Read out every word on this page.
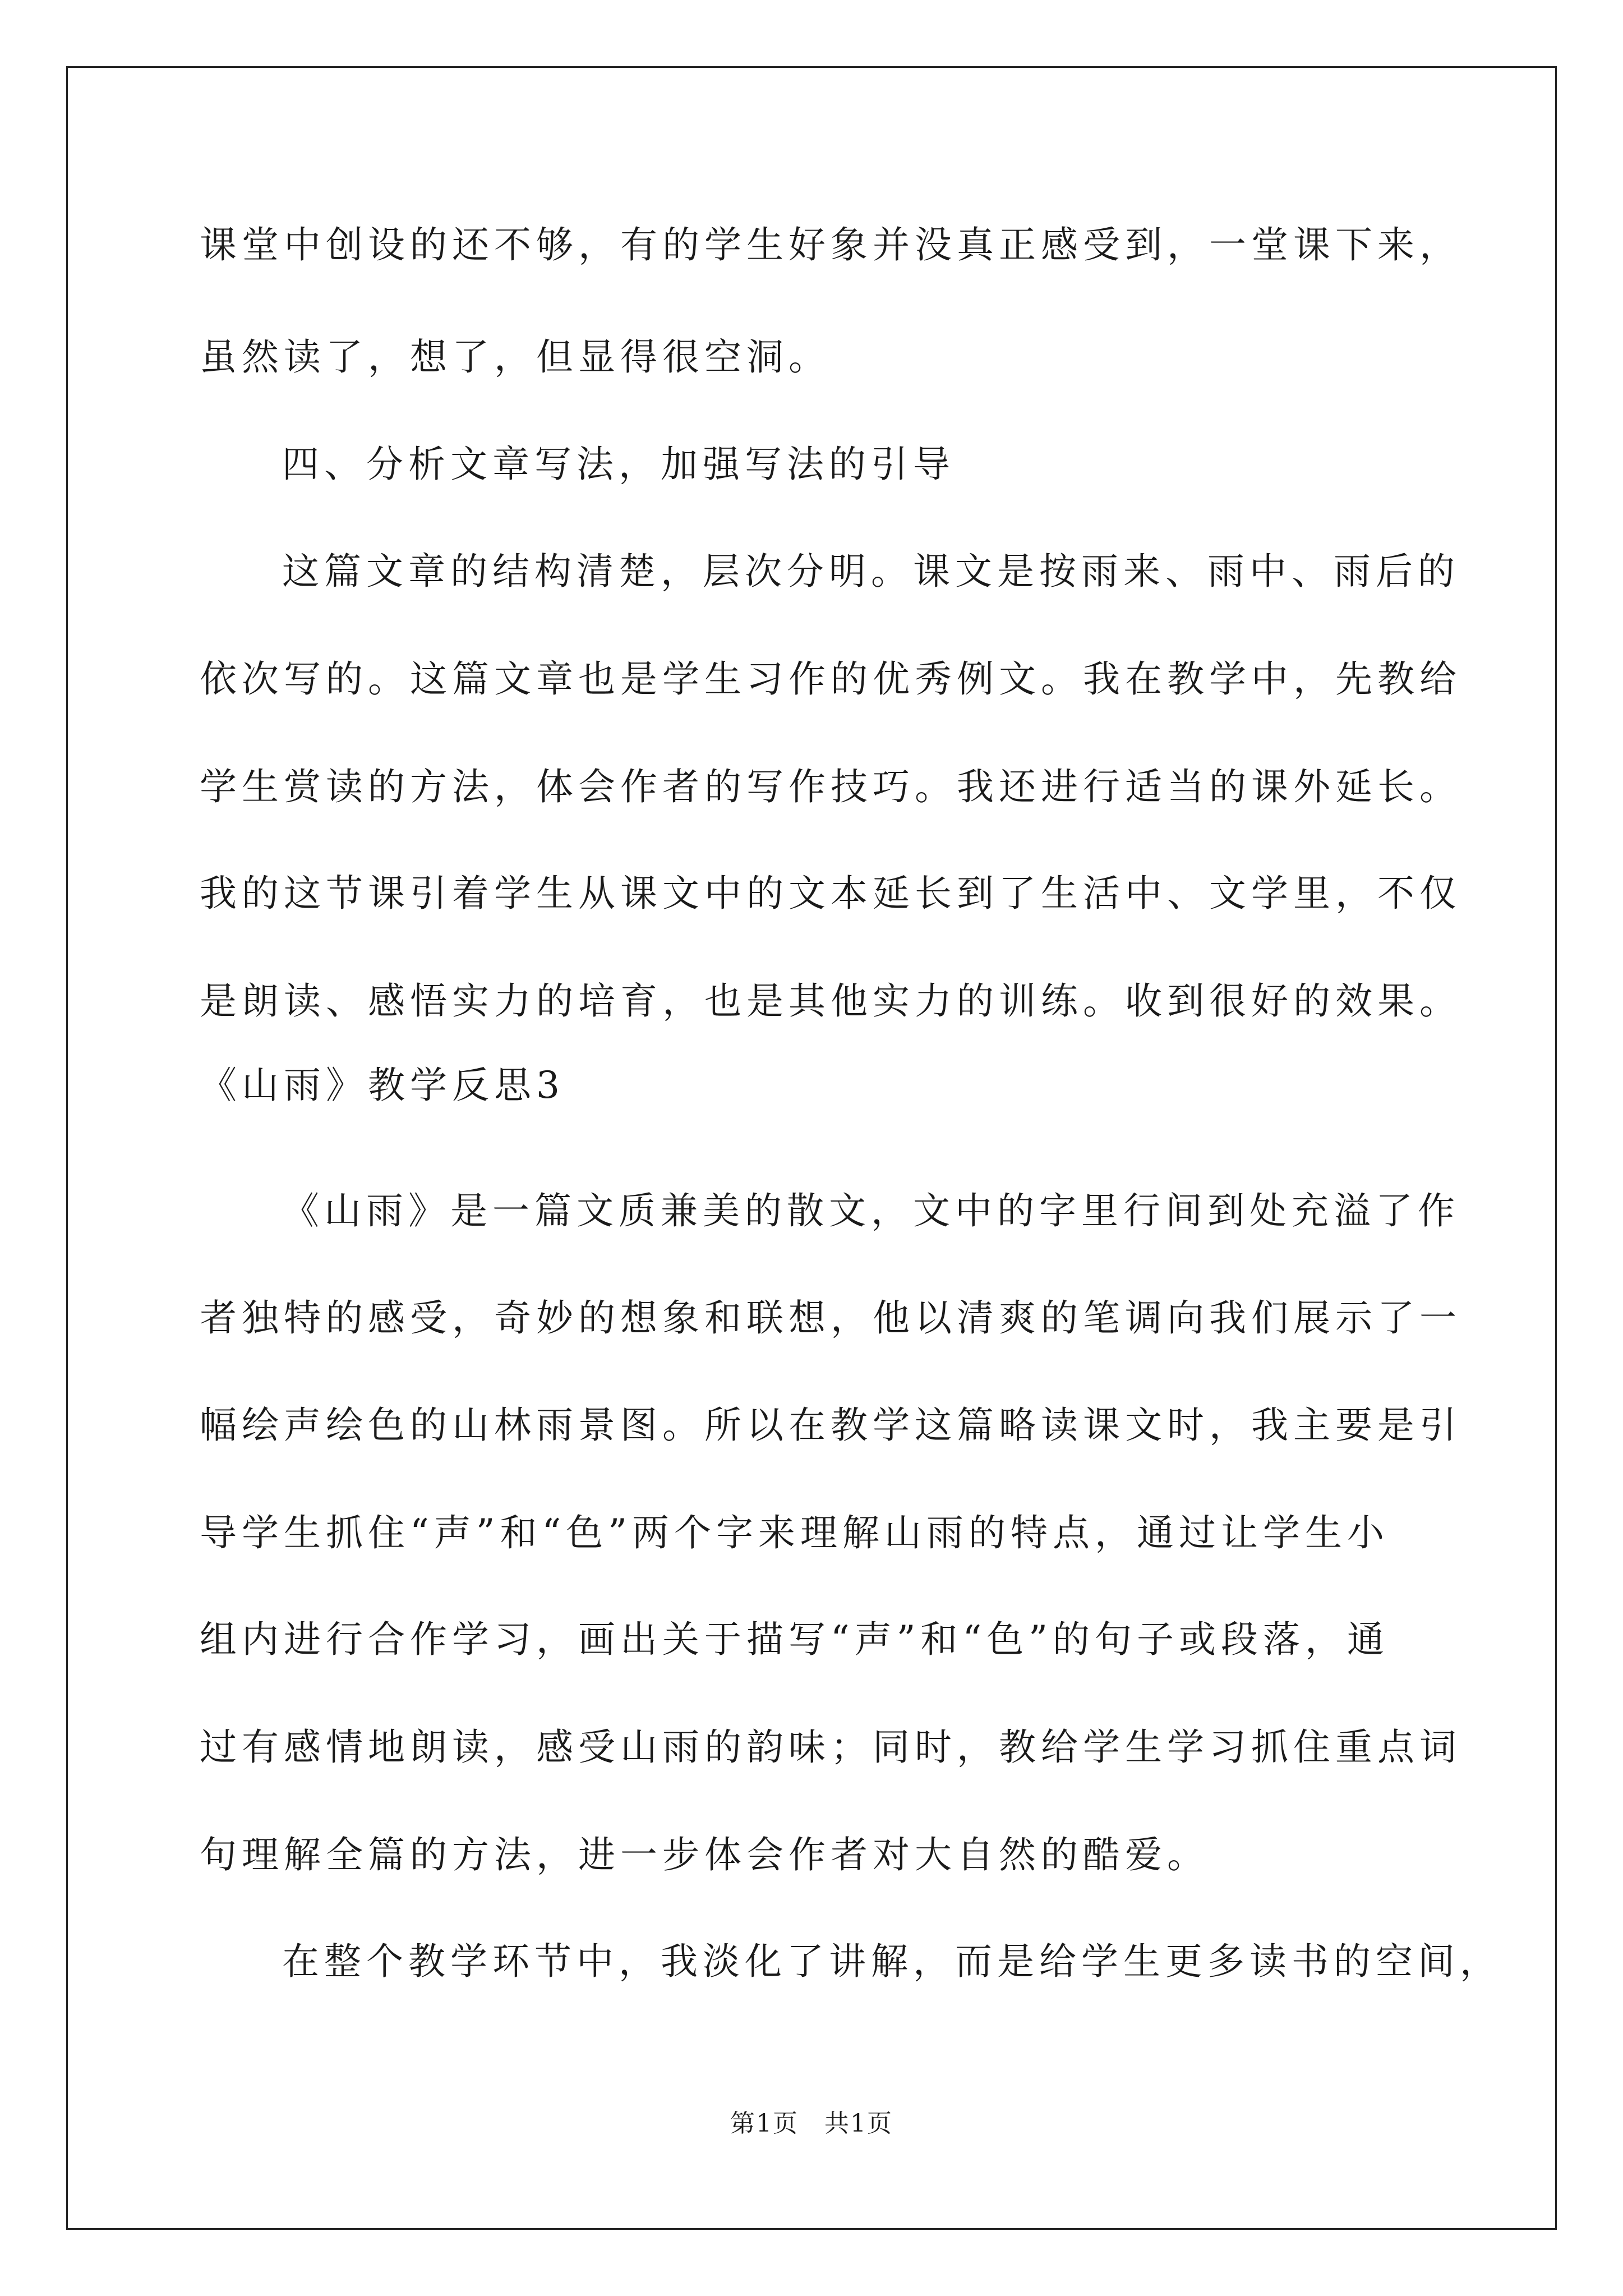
课堂中创设的还不够，有的学生好象并没真正感受到，一堂课下来，
虽然读了，想了，但显得很空洞。
四、分析文章写法，加强写法的引导
这篇文章的结构清楚，层次分明。课文是按雨来、雨中、雨后的
依次写的。这篇文章也是学生习作的优秀例文。我在教学中，先教给
学生赏读的方法，体会作者的写作技巧。我还进行适当的课外延长。
我的这节课引着学生从课文中的文本延长到了生活中、文学里，不仅
是朗读、感悟实力的培育，也是其他实力的训练。收到很好的效果。
《山雨》教学反思3
《山雨》是一篇文质兼美的散文，文中的字里行间到处充溢了作
者独特的感受，奇妙的想象和联想，他以清爽的笔调向我们展示了一
幅绘声绘色的山林雨景图。所以在教学这篇略读课文时，我主要是引
导学生抓住“声”和“色”两个字来理解山雨的特点，通过让学生小
组内进行合作学习，画出关于描写“声”和“色”的句子或段落，通
过有感情地朗读，感受山雨的韵味；同时，教给学生学习抓住重点词
句理解全篇的方法，进一步体会作者对大自然的酷爱。
在整个教学环节中，我淡化了讲解，而是给学生更多读书的空间，
第1页　共1页
